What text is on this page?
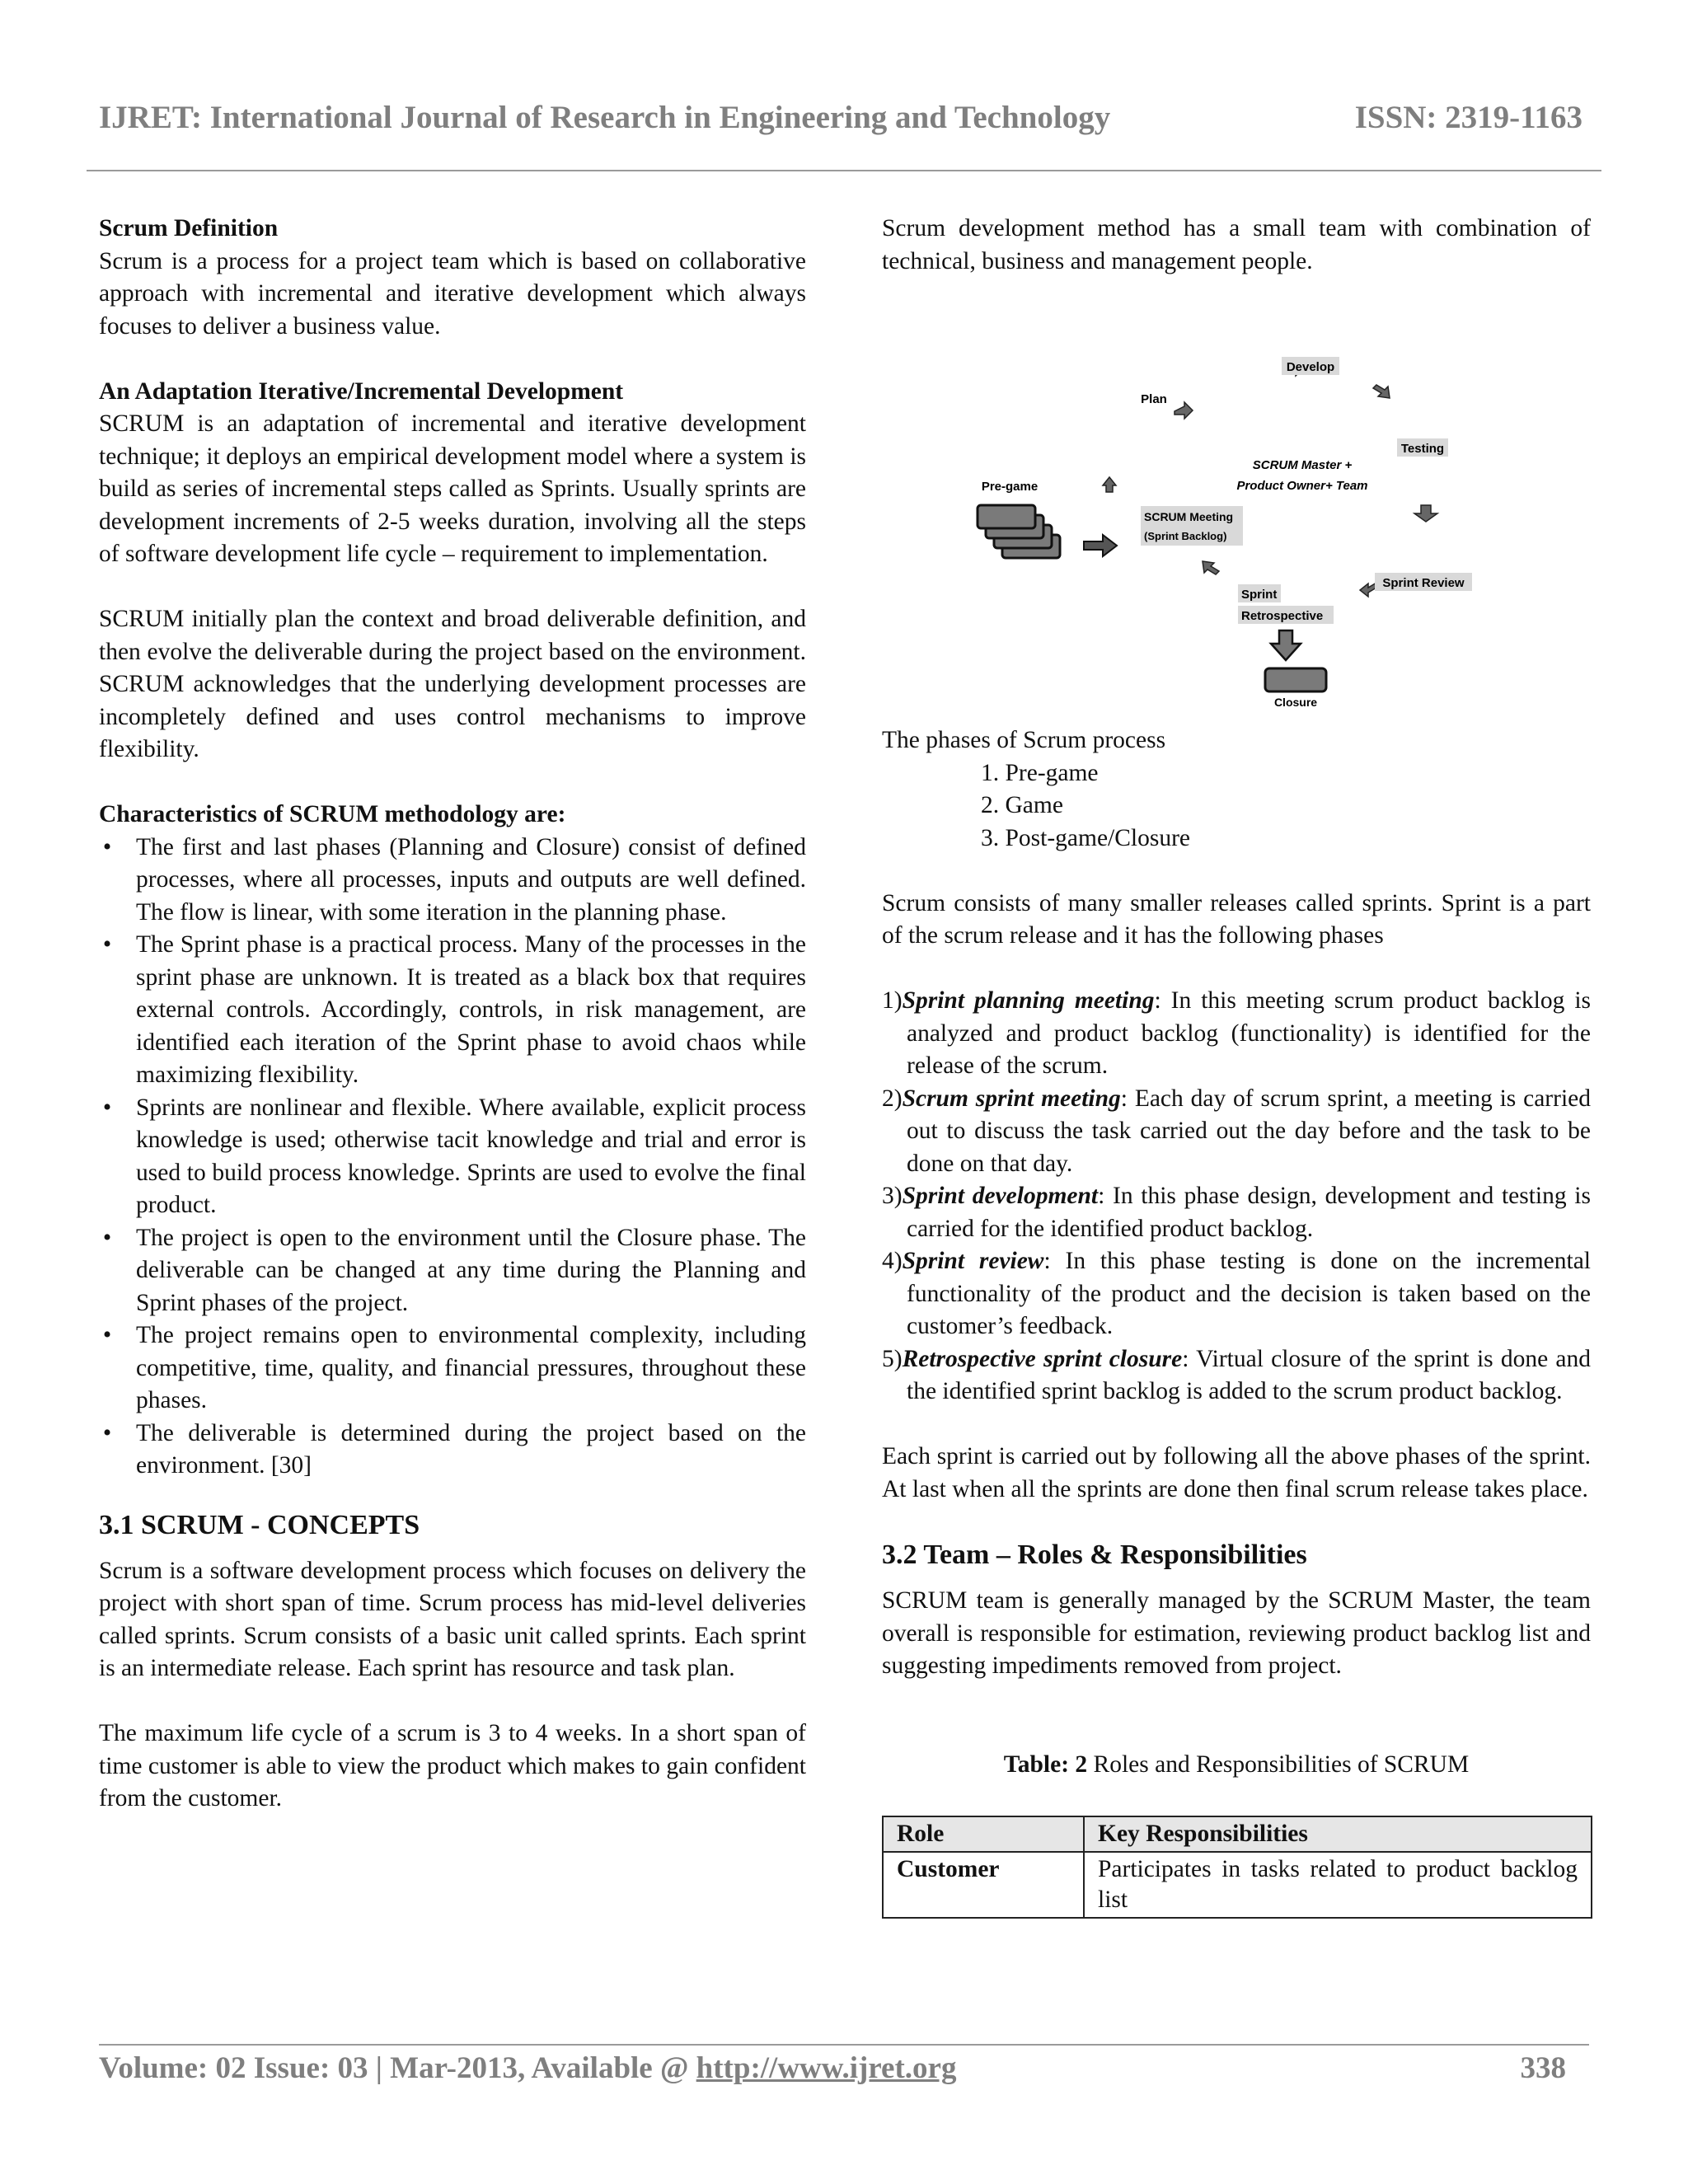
IJRET: International Journal of Research in Engineering and Technology	ISSN: 2319-1163

Scrum Definition

Scrum is a process for a project team which is based on collaborative approach with incremental and iterative development which always focuses to deliver a business value.

An Adaptation Iterative/Incremental Development

SCRUM is an adaptation of incremental and iterative development technique; it deploys an empirical development model where a system is build as series of incremental steps called as Sprints. Usually sprints are development increments of 2-5 weeks duration, involving all the steps of software development life cycle – requirement to implementation.

SCRUM initially plan the context and broad deliverable definition, and then evolve the deliverable during the project based on the environment. SCRUM acknowledges that the underlying development processes are incompletely defined and uses control mechanisms to improve flexibility.

Characteristics of SCRUM methodology are:

• The first and last phases (Planning and Closure) consist of defined processes, where all processes, inputs and outputs are well defined. The flow is linear, with some iteration in the planning phase.
• The Sprint phase is a practical process. Many of the processes in the sprint phase are unknown. It is treated as a black box that requires external controls. Accordingly, controls, in risk management, are identified each iteration of the Sprint phase to avoid chaos while maximizing flexibility.
• Sprints are nonlinear and flexible. Where available, explicit process knowledge is used; otherwise tacit knowledge and trial and error is used to build process knowledge. Sprints are used to evolve the final product.
• The project is open to the environment until the Closure phase. The deliverable can be changed at any time during the Planning and Sprint phases of the project.
• The project remains open to environmental complexity, including competitive, time, quality, and financial pressures, throughout these phases.
• The deliverable is determined during the project based on the environment. [30]

3.1 SCRUM - CONCEPTS

Scrum is a software development process which focuses on delivery the project with short span of time. Scrum process has mid-level deliveries called sprints. Scrum consists of a basic unit called sprints. Each sprint is an intermediate release. Each sprint has resource and task plan.

The maximum life cycle of a scrum is 3 to 4 weeks. In a short span of time customer is able to view the product which makes to gain confident from the customer.

Scrum development method has a small team with combination of technical, business and management people.

Pre-game
Develop
Plan
Testing
SCRUM Master +
Product Owner+ Team
SCRUM Meeting
(Sprint Backlog)
Sprint Review
Sprint
Retrospective
Closure

The phases of Scrum process

1. Pre-game
2. Game
3. Post-game/Closure

Scrum consists of many smaller releases called sprints. Sprint is a part of the scrum release and it has the following phases

1)Sprint planning meeting: In this meeting scrum product backlog is analyzed and product backlog (functionality) is identified for the release of the scrum.
2)Scrum sprint meeting: Each day of scrum sprint, a meeting is carried out to discuss the task carried out the day before and the task to be done on that day.
3)Sprint development: In this phase design, development and testing is carried for the identified product backlog.
4)Sprint review: In this phase testing is done on the incremental functionality of the product and the decision is taken based on the customer’s feedback.
5)Retrospective sprint closure: Virtual closure of the sprint is done and the identified sprint backlog is added to the scrum product backlog.

Each sprint is carried out by following all the above phases of the sprint. At last when all the sprints are done then final scrum release takes place.

3.2 Team – Roles & Responsibilities

SCRUM team is generally managed by the SCRUM Master, the team overall is responsible for estimation, reviewing product backlog list and suggesting impediments removed from project.

Table: 2 Roles and Responsibilities of SCRUM

Role	Key Responsibilities
Customer	Participates in tasks related to product backlog list
Volume: 02 Issue: 03 | Mar-2013, Available @ http://www.ijret.org	338
